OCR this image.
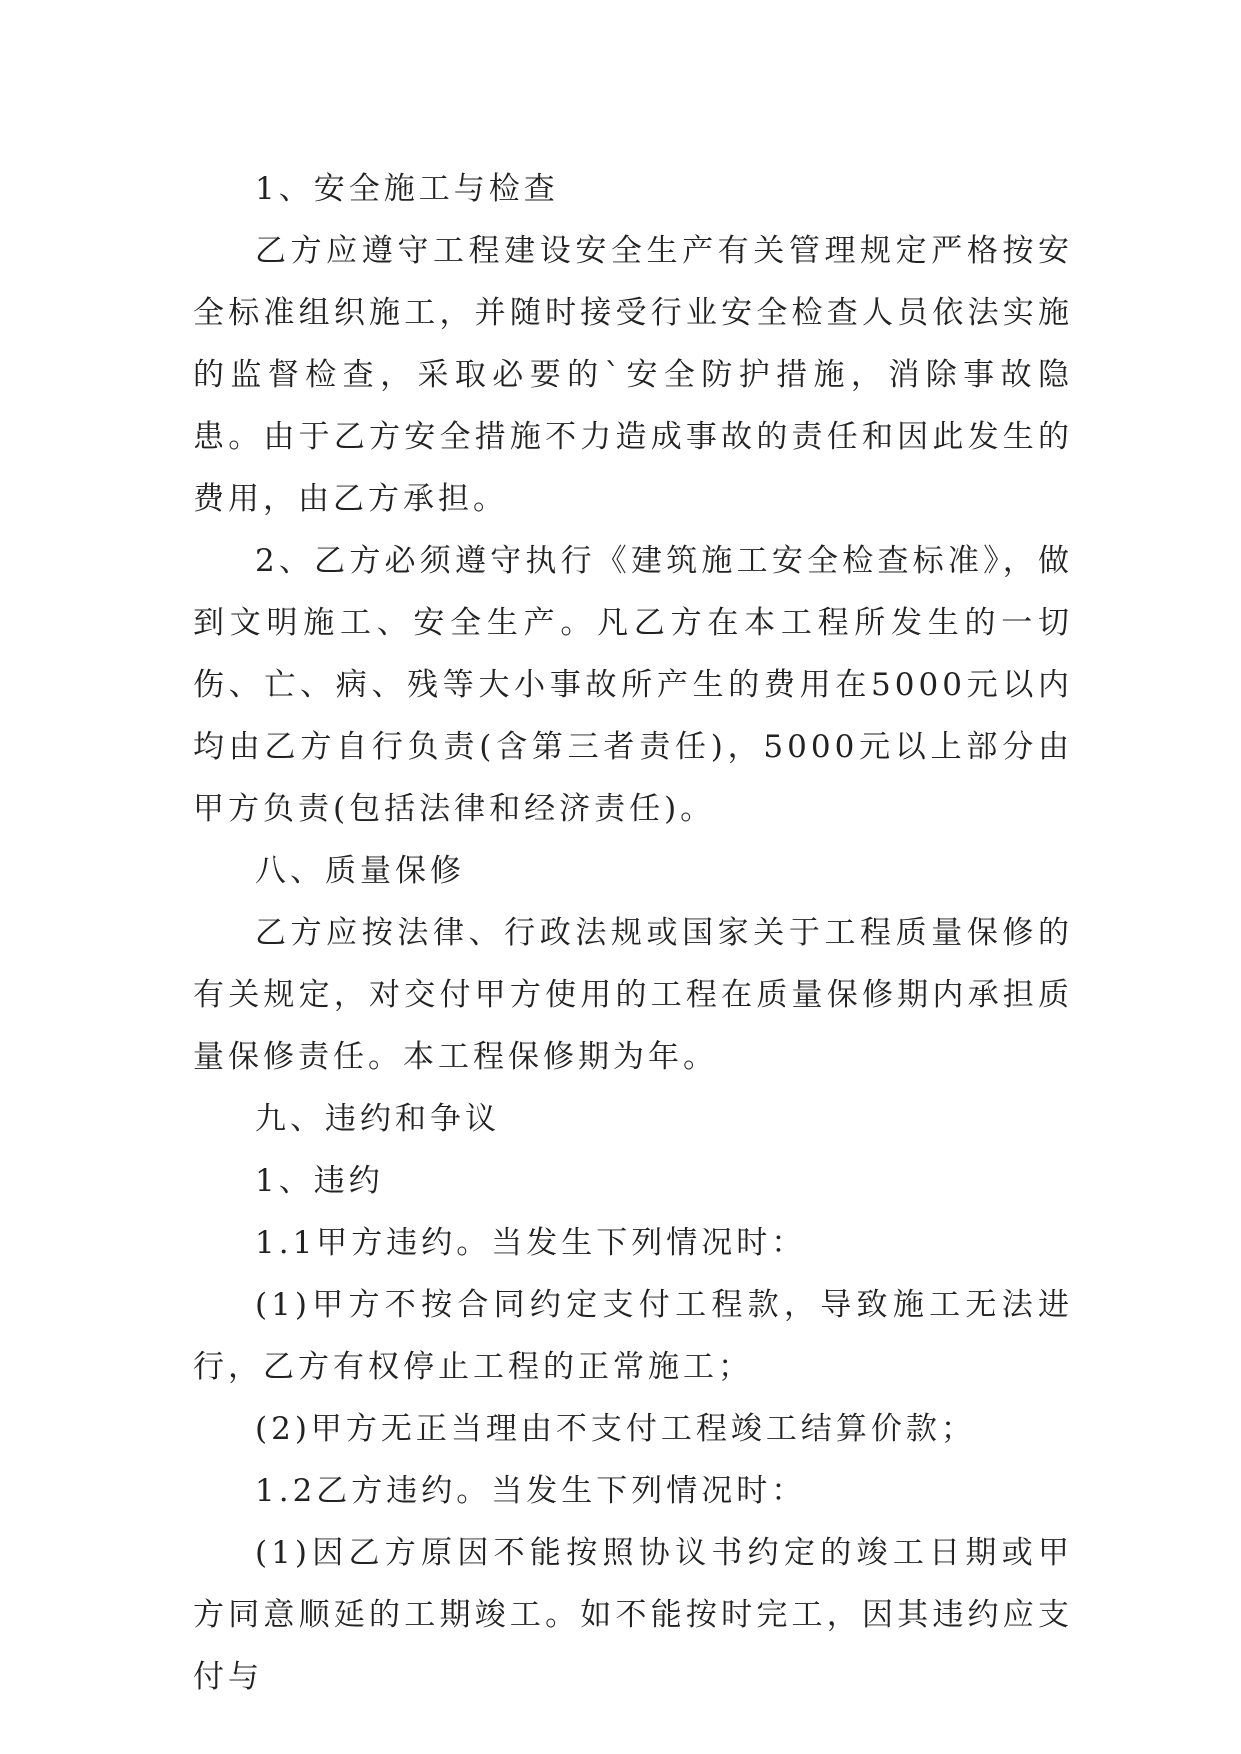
1、安全施工与检查

乙方应遵守工程建设安全生产有关管理规定严格按安全标准组织施工，并随时接受行业安全检查人员依法实施的监督检查，采取必要的`安全防护措施，消除事故隐患。由于乙方安全措施不力造成事故的责任和因此发生的费用，由乙方承担。

2、乙方必须遵守执行《建筑施工安全检查标准》，做到文明施工、安全生产。凡乙方在本工程所发生的一切伤、亡、病、残等大小事故所产生的费用在5000元以内均由乙方自行负责(含第三者责任)，5000元以上部分由甲方负责(包括法律和经济责任)。

八、质量保修

乙方应按法律、行政法规或国家关于工程质量保修的有关规定，对交付甲方使用的工程在质量保修期内承担质量保修责任。本工程保修期为年。

九、违约和争议

1、违约

1.1甲方违约。当发生下列情况时：

(1)甲方不按合同约定支付工程款，导致施工无法进行，乙方有权停止工程的正常施工；

(2)甲方无正当理由不支付工程竣工结算价款；

1.2乙方违约。当发生下列情况时：

(1)因乙方原因不能按照协议书约定的竣工日期或甲方同意顺延的工期竣工。如不能按时完工，因其违约应支付与
